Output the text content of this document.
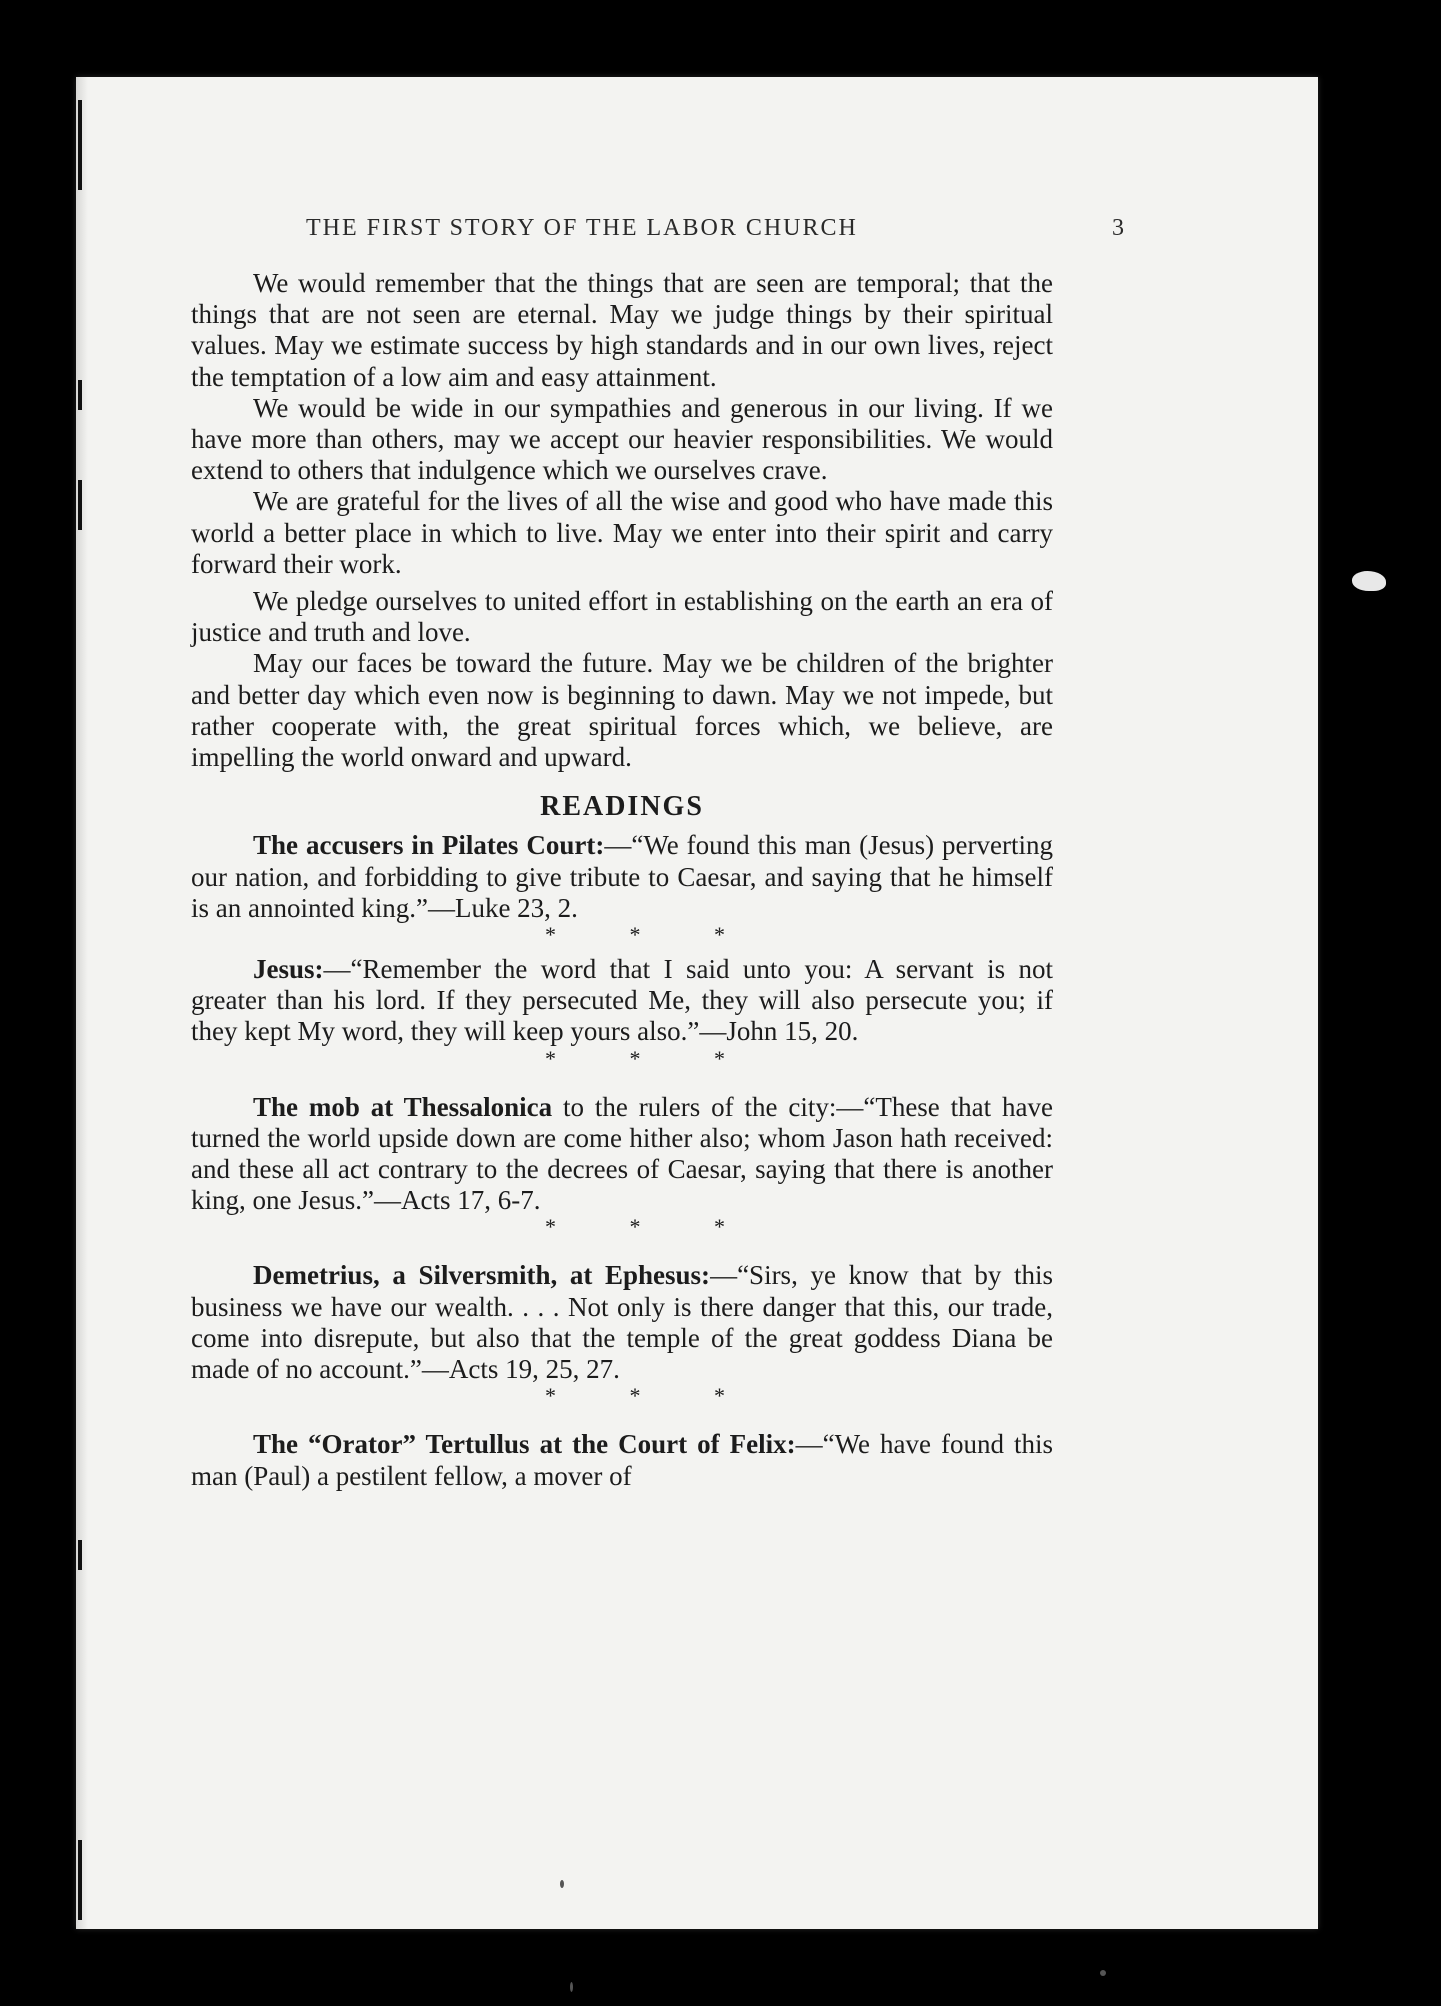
THE FIRST STORY OF THE LABOR CHURCH	3

We would remember that the things that are seen are temporal; that the things that are not seen are eternal. May we judge things by their spiritual values. May we estimate success by high standards and in our own lives, reject the temptation of a low aim and easy attainment.

We would be wide in our sympathies and generous in our living. If we have more than others, may we accept our heavier responsibilities. We would extend to others that indulgence which we ourselves crave.

We are grateful for the lives of all the wise and good who have made this world a better place in which to live. May we enter into their spirit and carry forward their work.

We pledge ourselves to united effort in establishing on the earth an era of justice and truth and love.

May our faces be toward the future. May we be children of the brighter and better day which even now is beginning to dawn. May we not impede, but rather cooperate with, the great spiritual forces which, we believe, are impelling the world onward and upward.

READINGS

The accusers in Pilates Court:—“We found this man (Jesus) perverting our nation, and forbidding to give tribute to Caesar, and saying that he himself is an annointed king.”—Luke 23, 2.

* * *

Jesus:—“Remember the word that I said unto you: A servant is not greater than his lord. If they persecuted Me, they will also persecute you; if they kept My word, they will keep yours also.”—John 15, 20.

* * *

The mob at Thessalonica to the rulers of the city:—“These that have turned the world upside down are come hither also; whom Jason hath received: and these all act contrary to the decrees of Caesar, saying that there is another king, one Jesus.”—Acts 17, 6-7.

* * *

Demetrius, a Silversmith, at Ephesus:—“Sirs, ye know that by this business we have our wealth. . . . Not only is there danger that this, our trade, come into disrepute, but also that the temple of the great goddess Diana be made of no account.”—Acts 19, 25, 27.

* * *

The “Orator” Tertullus at the Court of Felix:—“We have found this man (Paul) a pestilent fellow, a mover of
